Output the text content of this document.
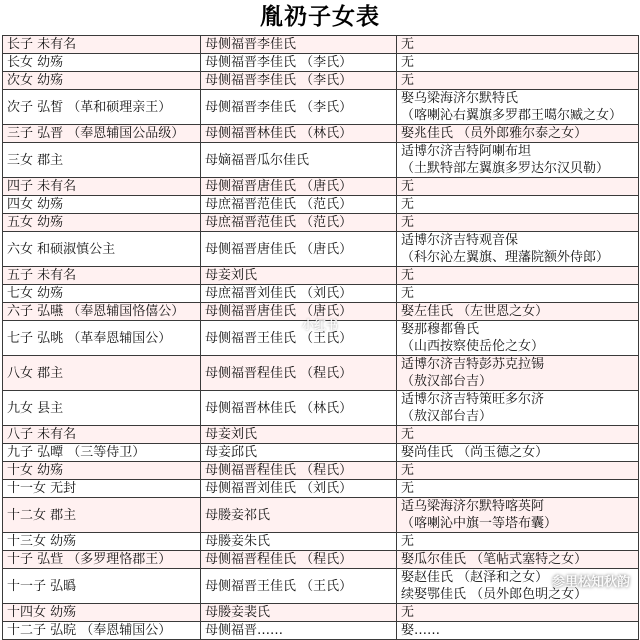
胤礽子女表
长子 未有名	母侧福晋李佳氏	无

长女 幼殇	母侧福晋李佳氏 （李氏）	无

次女 幼殇	母侧福晋李佳氏 （李氏）	无

次子 弘皙 （革和硕理亲王）	母侧福晋李佳氏 （李氏）	娶乌梁海济尔默特氏
（喀喇沁右翼旗多罗郡王噶尔臧之女）

三子 弘晋 （奉恩辅国公品级）	母侧福晋林佳氏 （林氏）	娶兆佳氏 （员外郎雅尔泰之女）

三女 郡主	母嫡福晋瓜尔佳氏	适博尔济吉特阿喇布坦
（土默特部左翼旗多罗达尔汉贝勒）

四子 未有名	母侧福晋唐佳氏 （唐氏）	无

四女 幼殇	母庶福晋范佳氏 （范氏）	无

五女 幼殇	母庶福晋范佳氏 （范氏）	无

六女 和硕淑慎公主	母侧福晋唐佳氏 （唐氏）	适博尔济吉特观音保
（科尔沁左翼旗、理藩院额外侍郎）

五子 未有名	母妾刘氏	无

七女 幼殇	母庶福晋刘佳氏 （刘氏）	无

六子 弘曣 （奉恩辅国恪僖公）	母侧福晋唐佳氏 （唐氏）	娶左佳氏 （左世恩之女）

七子 弘晀 （革奉恩辅国公）	母侧福晋王佳氏 （王氏）	娶那穆都鲁氏
（山西按察使岳伦之女）

八女 郡主	母侧福晋程佳氏 （程氏）	适博尔济吉特彭苏克拉锡
（敖汉部台吉）

九女 县主	母侧福晋林佳氏 （林氏）	适博尔济吉特策旺多尔济
（敖汉部台吉）

八子 未有名	母妾刘氏	无

九子 弘曋 （三等侍卫）	母妾邱氏	娶尚佳氏 （尚玉德之女）

十女 幼殇	母侧福晋程佳氏 （程氏）	无

十一女 无封	母侧福晋刘佳氏 （刘氏）	无

十二女 郡主	母媵妾祁氏	适乌梁海济尔默特喀英阿
（喀喇沁中旗一等塔布囊）

十三女 幼殇	母媵妾朱氏	无

十子 弘𣆟 （多罗理恪郡王）	母侧福晋程佳氏 （程氏）	娶瓜尔佳氏 （笔帖式塞特之女）

十一子 弘㬙	母侧福晋王佳氏 （王氏）	娶赵佳氏 （赵泽和之女）
续娶鄂佳氏 （员外郎色明之女）

十四女 幼殇	母媵妾裴氏	无

十二子 弘晥 （奉恩辅国公）	母侧福晋……	娶……
小红书
参里松知秋韵
